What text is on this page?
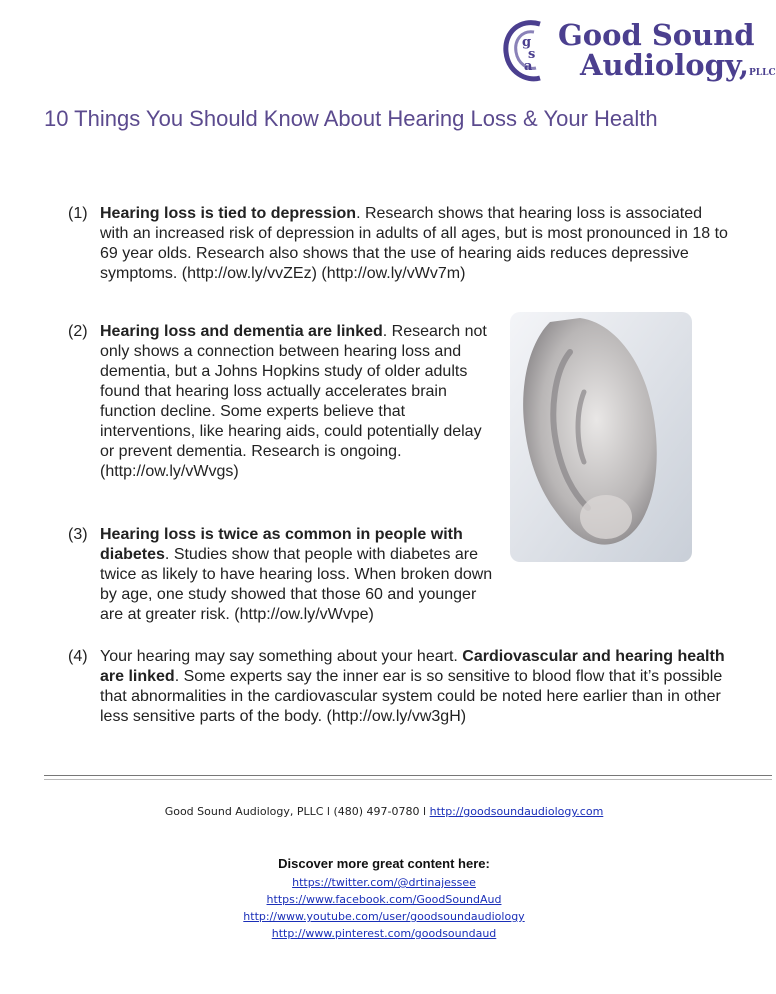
g
s
a
Good Sound
Audiology,PLLC
10 Things You Should Know About Hearing Loss & Your Health
(1) Hearing loss is tied to depression. Research shows that hearing loss is associated with an increased risk of depression in adults of all ages, but is most pronounced in 18 to 69 year olds. Research also shows that the use of hearing aids reduces depressive symptoms. (http://ow.ly/vvZEz) (http://ow.ly/vWv7m)
(2) Hearing loss and dementia are linked. Research not only shows a connection between hearing loss and dementia, but a Johns Hopkins study of older adults found that hearing loss actually accelerates brain function decline. Some experts believe that interventions, like hearing aids, could potentially delay or prevent dementia. Research is ongoing. (http://ow.ly/vWvgs)
(3) Hearing loss is twice as common in people with diabetes. Studies show that people with diabetes are twice as likely to have hearing loss. When broken down by age, one study showed that those 60 and younger are at greater risk. (http://ow.ly/vWvpe)
(4) Your hearing may say something about your heart. Cardiovascular and hearing health are linked. Some experts say the inner ear is so sensitive to blood flow that it’s possible that abnormalities in the cardiovascular system could be noted here earlier than in other less sensitive parts of the body. (http://ow.ly/vw3gH)
Good Sound Audiology, PLLC l (480) 497-0780 l http://goodsoundaudiology.com
Discover more great content here:
https://twitter.com/@drtinajessee
https://www.facebook.com/GoodSoundAud
http://www.youtube.com/user/goodsoundaudiology
http://www.pinterest.com/goodsoundaud
